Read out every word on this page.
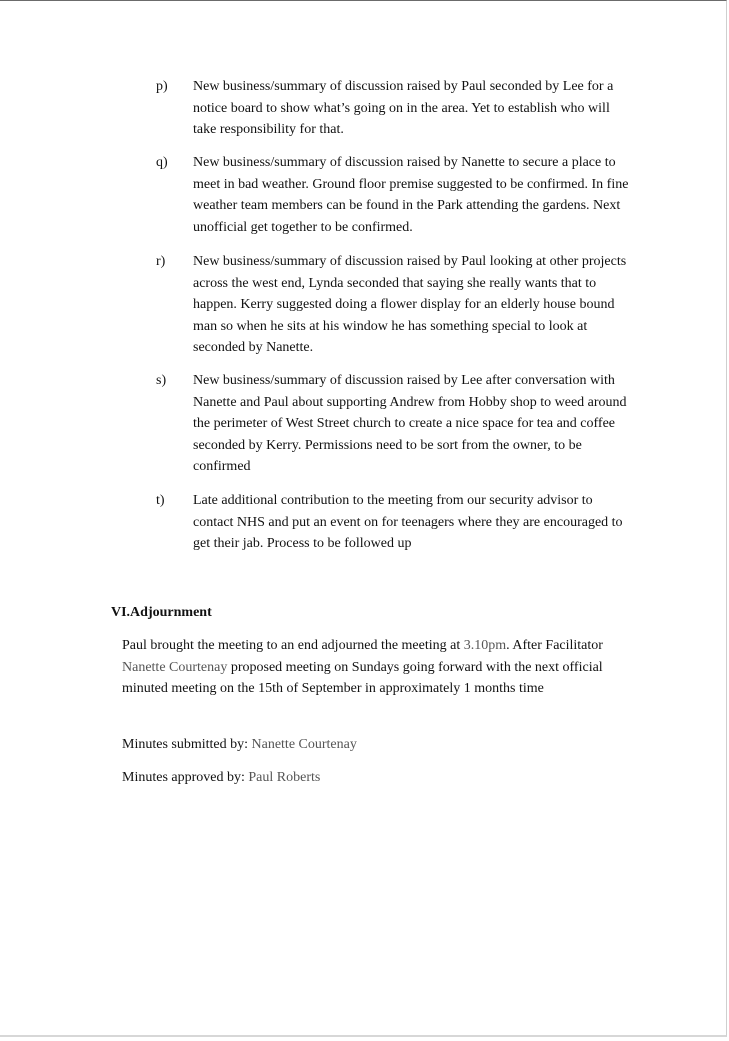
p) New business/summary of discussion raised by Paul seconded by Lee for a notice board to show what’s going on in the area. Yet to establish who will take responsibility for that.
q) New business/summary of discussion raised by Nanette to secure a place to meet in bad weather. Ground floor premise suggested to be confirmed. In fine weather team members can be found in the Park attending the gardens. Next unofficial get together to be confirmed.
r) New business/summary of discussion raised by Paul looking at other projects across the west end, Lynda seconded that saying she really wants that to happen. Kerry suggested doing a flower display for an elderly house bound man so when he sits at his window he has something special to look at seconded by Nanette.
s) New business/summary of discussion raised by Lee after conversation with Nanette and Paul about supporting Andrew from Hobby shop to weed around the perimeter of West Street church to create a nice space for tea and coffee seconded by Kerry. Permissions need to be sort from the owner, to be confirmed
t) Late additional contribution to the meeting from our security advisor to contact NHS and put an event on for teenagers where they are encouraged to get their jab. Process to be followed up
VI.Adjournment
Paul brought the meeting to an end adjourned the meeting at 3.10pm. After Facilitator Nanette Courtenay proposed meeting on Sundays going forward with the next official minuted meeting on the 15th of September in approximately 1 months time
Minutes submitted by: Nanette Courtenay
Minutes approved by: Paul Roberts
